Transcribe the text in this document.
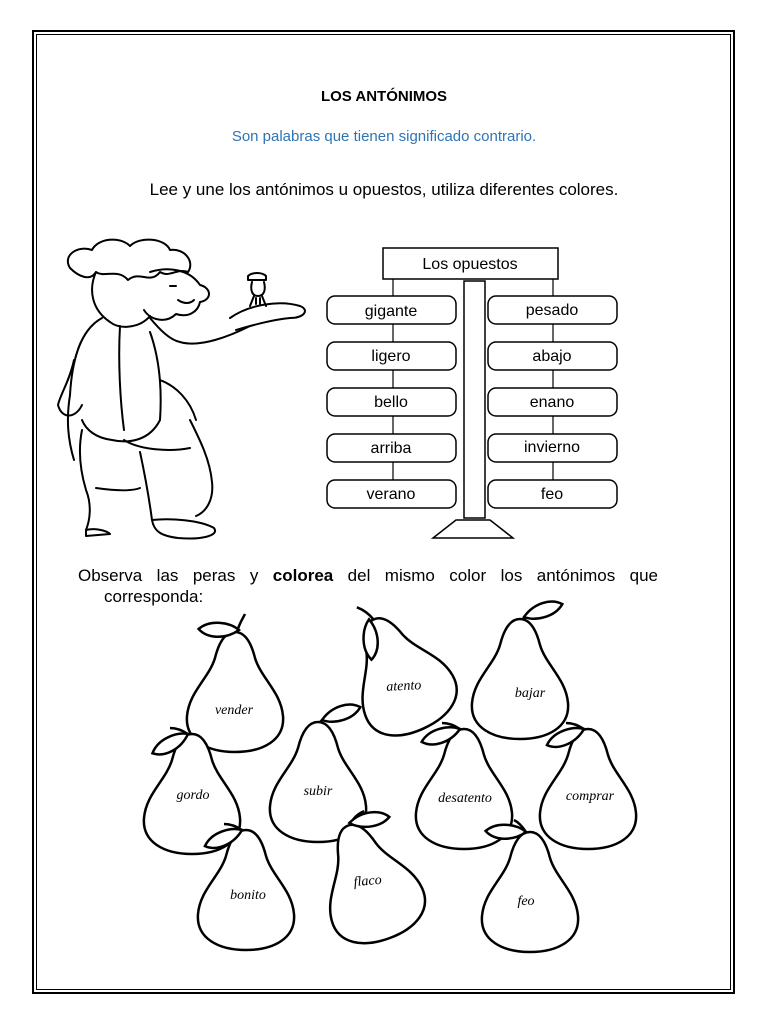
LOS ANTÓNIMOS
Son palabras que tienen significado contrario.
Lee y une los antónimos u opuestos, utiliza diferentes colores.
Los opuestos
gigante
ligero
bello
arriba
verano
pesado
abajo
enano
invierno
feo
vender
atento	bajar
gordo	subir	desatento	comprar
bonito
flaco
feo
Observa las peras y colorea del mismo color los antónimos que
corresponda:
